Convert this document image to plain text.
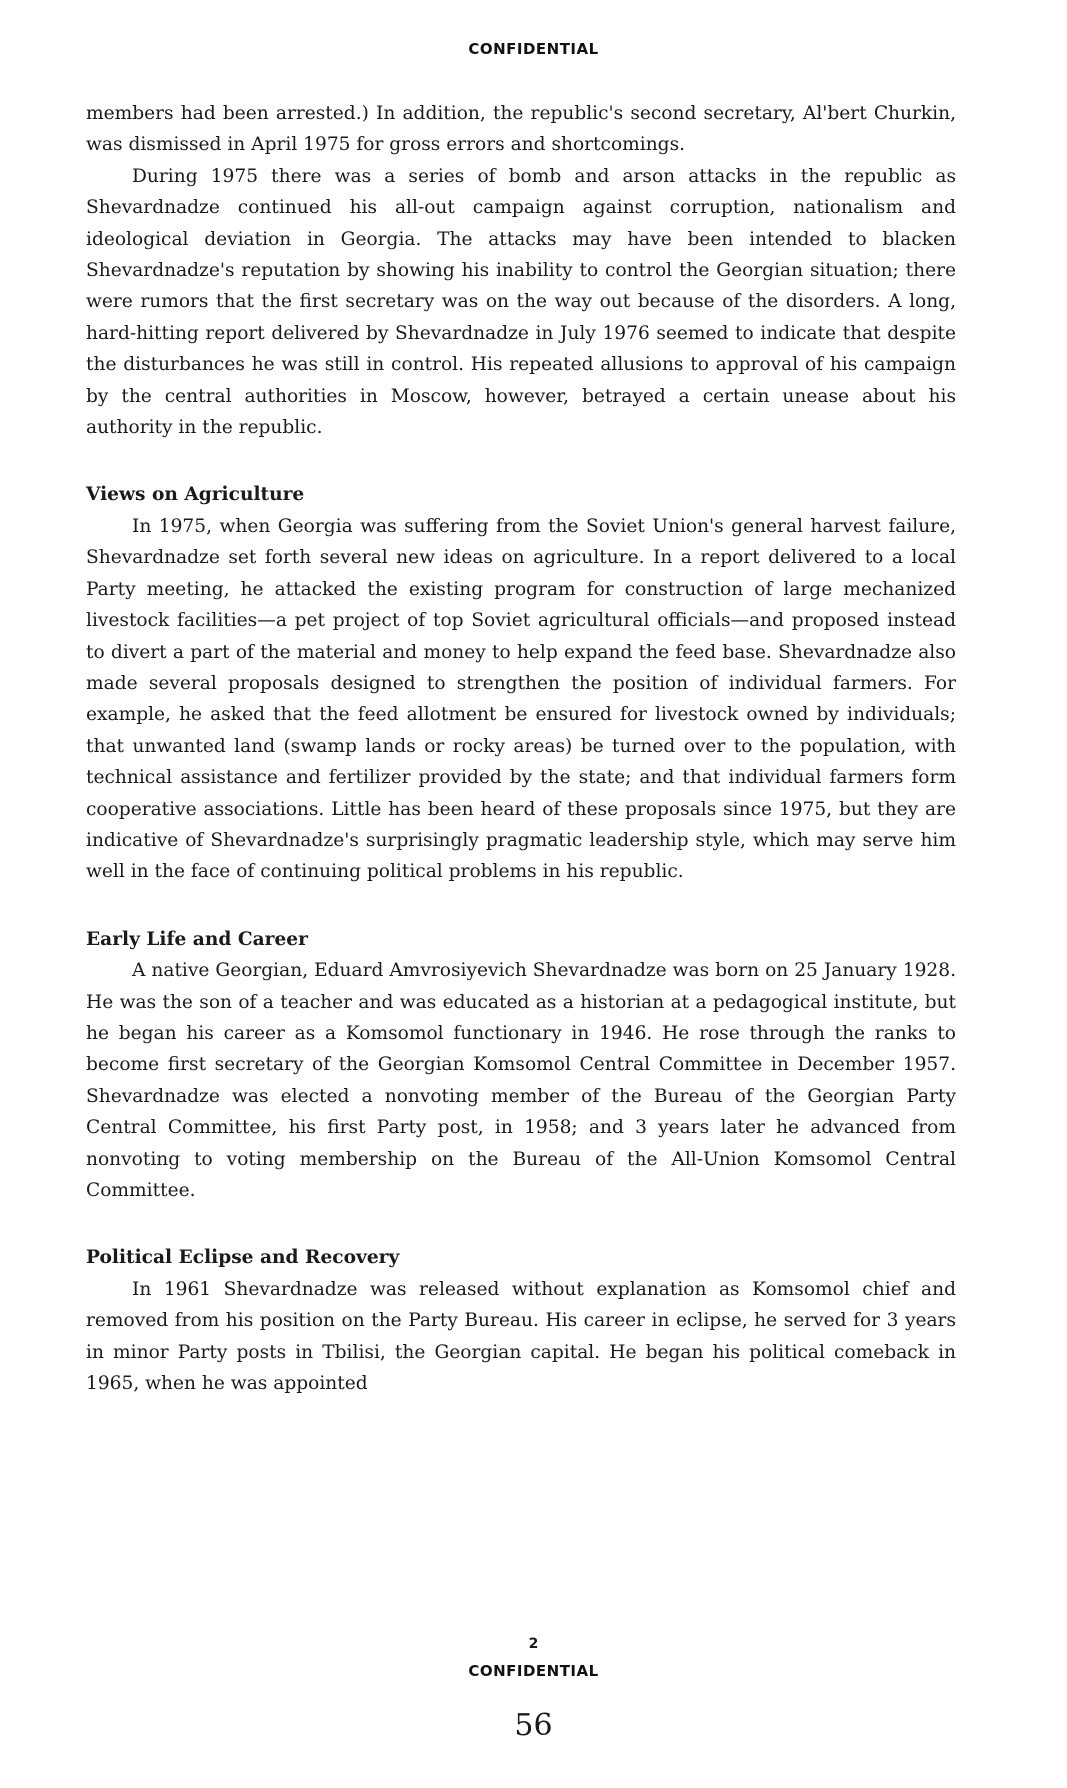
CONFIDENTIAL

members had been arrested.) In addition, the republic's second secretary, Al'bert Churkin, was dismissed in April 1975 for gross errors and shortcomings.

During 1975 there was a series of bomb and arson attacks in the republic as Shevardnadze continued his all-out campaign against corruption, nationalism and ideological deviation in Georgia. The attacks may have been intended to blacken Shevardnadze's reputation by showing his inability to control the Georgian situation; there were rumors that the first secretary was on the way out because of the disorders. A long, hard-hitting report delivered by Shevardnadze in July 1976 seemed to indicate that despite the disturbances he was still in control. His repeated allusions to approval of his campaign by the central authorities in Moscow, however, betrayed a certain unease about his authority in the republic.

Views on Agriculture

In 1975, when Georgia was suffering from the Soviet Union's general harvest failure, Shevardnadze set forth several new ideas on agriculture. In a report delivered to a local Party meeting, he attacked the existing program for construction of large mechanized livestock facilities—a pet project of top Soviet agricultural officials—and proposed instead to divert a part of the material and money to help expand the feed base. Shevardnadze also made several proposals designed to strengthen the position of individual farmers. For example, he asked that the feed allotment be ensured for livestock owned by individuals; that unwanted land (swamp lands or rocky areas) be turned over to the population, with technical assistance and fertilizer provided by the state; and that individual farmers form cooperative associations. Little has been heard of these proposals since 1975, but they are indicative of Shevardnadze's surprisingly pragmatic leadership style, which may serve him well in the face of continuing political problems in his republic.

Early Life and Career

A native Georgian, Eduard Amvrosiyevich Shevardnadze was born on 25 January 1928. He was the son of a teacher and was educated as a historian at a pedagogical institute, but he began his career as a Komsomol functionary in 1946. He rose through the ranks to become first secretary of the Georgian Komsomol Central Committee in December 1957. Shevardnadze was elected a nonvoting member of the Bureau of the Georgian Party Central Committee, his first Party post, in 1958; and 3 years later he advanced from nonvoting to voting membership on the Bureau of the All-Union Komsomol Central Committee.

Political Eclipse and Recovery

In 1961 Shevardnadze was released without explanation as Komsomol chief and removed from his position on the Party Bureau. His career in eclipse, he served for 3 years in minor Party posts in Tbilisi, the Georgian capital. He began his political comeback in 1965, when he was appointed

2
CONFIDENTIAL
56
